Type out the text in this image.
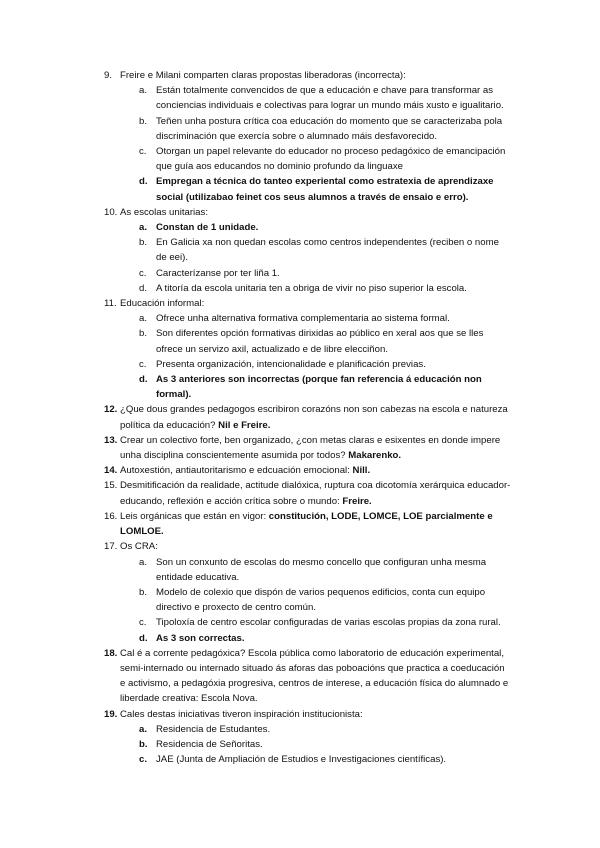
9. Freire e Milani comparten claras propostas liberadoras (incorrecta):
a. Están totalmente convencidos de que a educación e chave para transformar as conciencias individuais e colectivas para lograr un mundo máis xusto e igualitario.
b. Teñen unha postura crítica coa educación do momento que se caracterizaba pola discriminación que exercía sobre o alumnado máis desfavorecido.
c. Otorgan un papel relevante do educador no proceso pedagóxico de emancipación que guía aos educandos no dominio profundo da linguaxe
d. Empregan a técnica do tanteo experiental como estratexia de aprendizaxe social (utilizabao feinet cos seus alumnos a través de ensaio e erro).
10. As escolas unitarias:
a. Constan de 1 unidade.
b. En Galicia xa non quedan escolas como centros independentes (reciben o nome de eei).
c. Caracterízanse por ter liña 1.
d. A titoría da escola unitaria ten a obriga de vivir no piso superior la escola.
11. Educación informal:
a. Ofrece unha alternativa formativa complementaria ao sistema formal.
b. Son diferentes opción formativas dirixidas ao público en xeral aos que se lles ofrece un servizo axil, actualizado e de libre elecciñon.
c. Presenta organización, intencionalidade e planificación previas.
d. As 3 anteriores son incorrectas (porque fan referencia á educación non formal).
12. ¿Que dous grandes pedagogos escribiron corazóns non son cabezas na escola e natureza política da educación? Nil e Freire.
13. Crear un colectivo forte, ben organizado, ¿con metas claras e esixentes en donde impere unha disciplina conscientemente asumida por todos? Makarenko.
14. Autoxestión, antiautoritarismo e edcuación emocional: Nill.
15. Desmitificación da realidade, actitude dialóxica, ruptura coa dicotomía xerárquica educador-educando, reflexión e acción crítica sobre o mundo: Freire.
16. Leis orgánicas que están en vigor: constitución, LODE, LOMCE, LOE parcialmente e LOMLOE.
17. Os CRA:
a. Son un conxunto de escolas do mesmo concello que configuran unha mesma entidade educativa.
b. Modelo de colexio que dispón de varios pequenos edificios, conta cun equipo directivo e proxecto de centro común.
c. Tipoloxía de centro escolar configuradas de varias escolas propias da zona rural.
d. As 3 son correctas.
18. Cal é a corrente pedagóxica? Escola pública como laboratorio de educación experimental, semi-internado ou internado situado ás aforas das poboacións que practica a coeducación e activismo, a pedagóxia progresiva, centros de interese, a educación física do alumnado e liberdade creativa: Escola Nova.
19. Cales destas iniciativas tiveron inspiración institucionista:
a. Residencia de Estudantes.
b. Residencia de Señoritas.
c. JAE (Junta de Ampliación de Estudios e Investigaciones científicas).
